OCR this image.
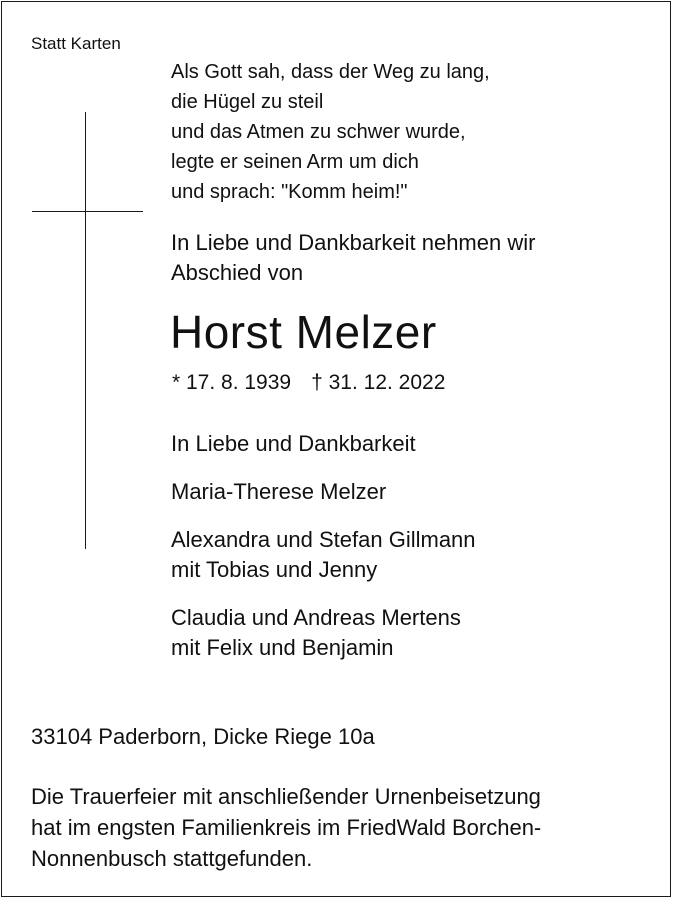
Statt Karten
Als Gott sah, dass der Weg zu lang,
die Hügel zu steil
und das Atmen zu schwer wurde,
legte er seinen Arm um dich
und sprach: "Komm heim!"
In Liebe und Dankbarkeit nehmen wir
Abschied von
Horst Melzer
* 17. 8. 1939 † 31. 12. 2022
In Liebe und Dankbarkeit
Maria-Therese Melzer
Alexandra und Stefan Gillmann
mit Tobias und Jenny
Claudia und Andreas Mertens
mit Felix und Benjamin
33104 Paderborn, Dicke Riege 10a
Die Trauerfeier mit anschließender Urnenbeisetzung
hat im engsten Familienkreis im FriedWald Borchen-
Nonnenbusch stattgefunden.
